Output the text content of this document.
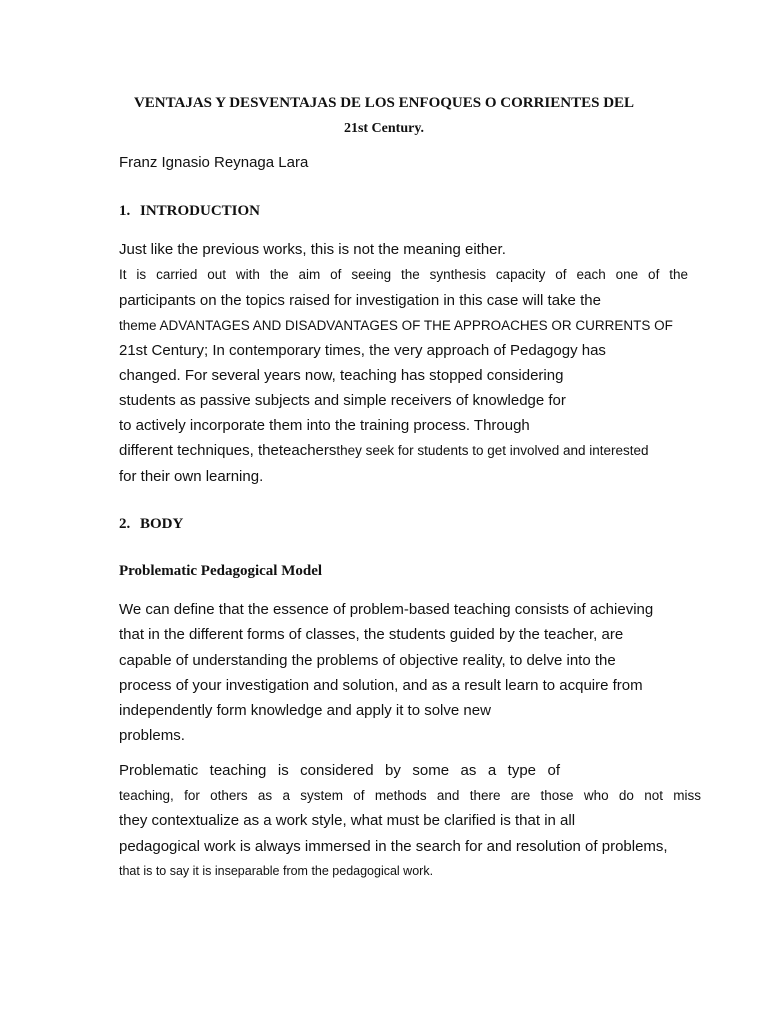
VENTAJAS Y DESVENTAJAS DE LOS ENFOQUES O CORRIENTES DEL
21st Century.
Franz Ignasio Reynaga Lara
1. INTRODUCTION
Just like the previous works, this is not the meaning either.
It is carried out with the aim of seeing the synthesis capacity of each one of the
participants on the topics raised for investigation in this case will take the
theme ADVANTAGES AND DISADVANTAGES OF THE APPROACHES OR CURRENTS OF
21st Century; In contemporary times, the very approach of Pedagogy has
changed. For several years now, teaching has stopped considering
students as passive subjects and simple receivers of knowledge for
to actively incorporate them into the training process. Through
different techniques, theteachersthey seek for students to get involved and interested
for their own learning.
2. BODY
Problematic Pedagogical Model
We can define that the essence of problem-based teaching consists of achieving
that in the different forms of classes, the students guided by the teacher, are
capable of understanding the problems of objective reality, to delve into the
process of your investigation and solution, and as a result learn to acquire from
independently form knowledge and apply it to solve new
problems.
Problematic teaching is considered by some as a type of
teaching, for others as a system of methods and there are those who do not miss
they contextualize as a work style, what must be clarified is that in all
pedagogical work is always immersed in the search for and resolution of problems,
that is to say it is inseparable from the pedagogical work.
